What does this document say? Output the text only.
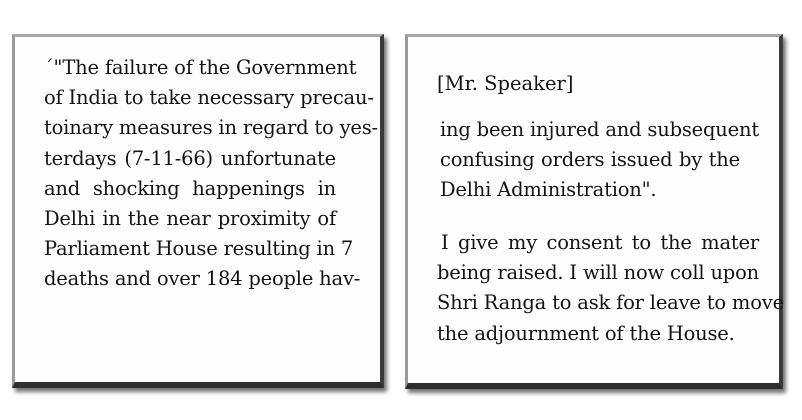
´"The failure of the Government
of India to take necessary precau-
toinary measures in regard to yes-
terdays (7-11-66) unfortunate
and shocking happenings in
Delhi in the near proximity of
Parliament House resulting in 7
deaths and over 184 people hav-
[Mr. Speaker]
ing been injured and subsequent
confusing orders issued by the
Delhi Administration".
I give my consent to the mater
being raised. I will now coll upon
Shri Ranga to ask for leave to move
the adjournment of the House.
